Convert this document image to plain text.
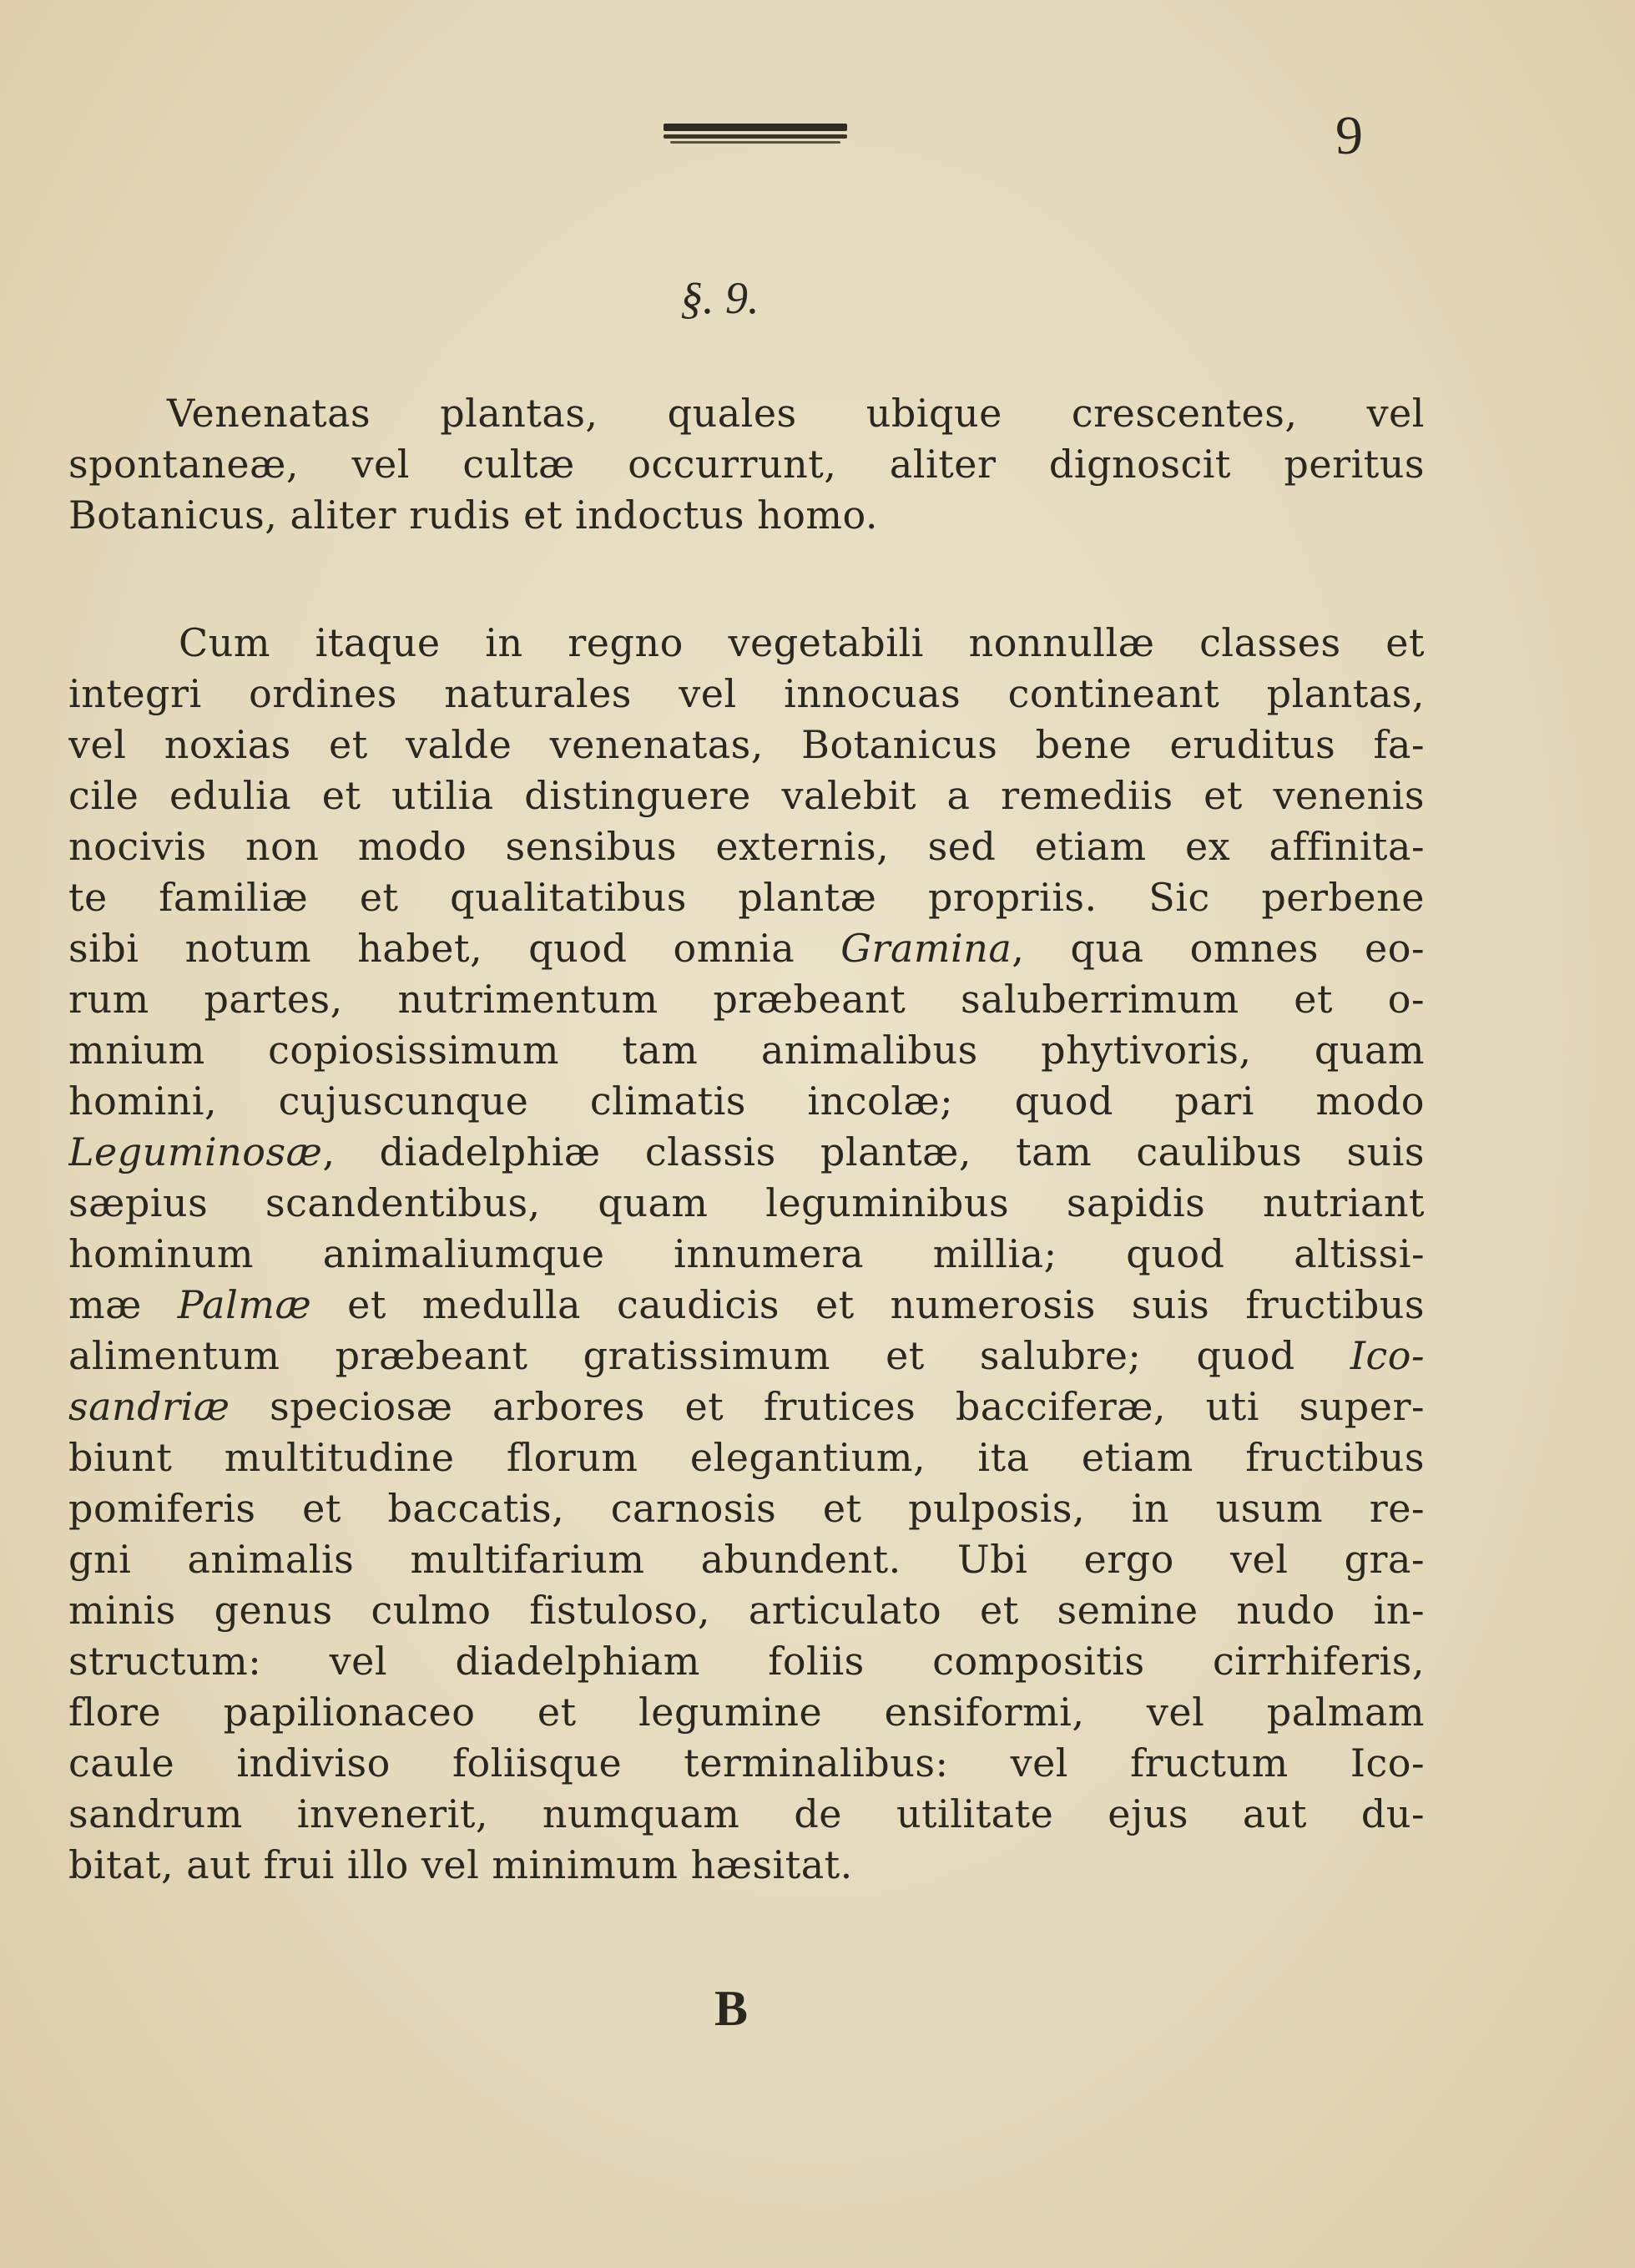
9
§. 9.
Venenatas plantas, quales ubique crescentes, vel
spontaneæ, vel cultæ occurrunt, aliter dignoscit peritus
Botanicus, aliter rudis et indoctus homo.
Cum itaque in regno vegetabili nonnullæ classes et
integri ordines naturales vel innocuas contineant plantas,
vel noxias et valde venenatas, Botanicus bene eruditus fa-
cile edulia et utilia distinguere valebit a remediis et venenis
nocivis non modo sensibus externis, sed etiam ex affinita-
te familiæ et qualitatibus plantæ propriis. Sic perbene
sibi notum habet, quod omnia Gramina, qua omnes eo-
rum partes, nutrimentum præbeant saluberrimum et o-
mnium copiosissimum tam animalibus phytivoris, quam
homini, cujuscunque climatis incolæ; quod pari modo
Leguminosæ, diadelphiæ classis plantæ, tam caulibus suis
sæpius scandentibus, quam leguminibus sapidis nutriant
hominum animaliumque innumera millia; quod altissi-
mæ Palmæ et medulla caudicis et numerosis suis fructibus
alimentum præbeant gratissimum et salubre; quod Ico-
sandriæ speciosæ arbores et frutices bacciferæ, uti super-
biunt multitudine florum elegantium, ita etiam fructibus
pomiferis et baccatis, carnosis et pulposis, in usum re-
gni animalis multifarium abundent. Ubi ergo vel gra-
minis genus culmo fistuloso, articulato et semine nudo in-
structum: vel diadelphiam foliis compositis cirrhiferis,
flore papilionaceo et legumine ensiformi, vel palmam
caule indiviso foliisque terminalibus: vel fructum Ico-
sandrum invenerit, numquam de utilitate ejus aut du-
bitat, aut frui illo vel minimum hæsitat.
B
